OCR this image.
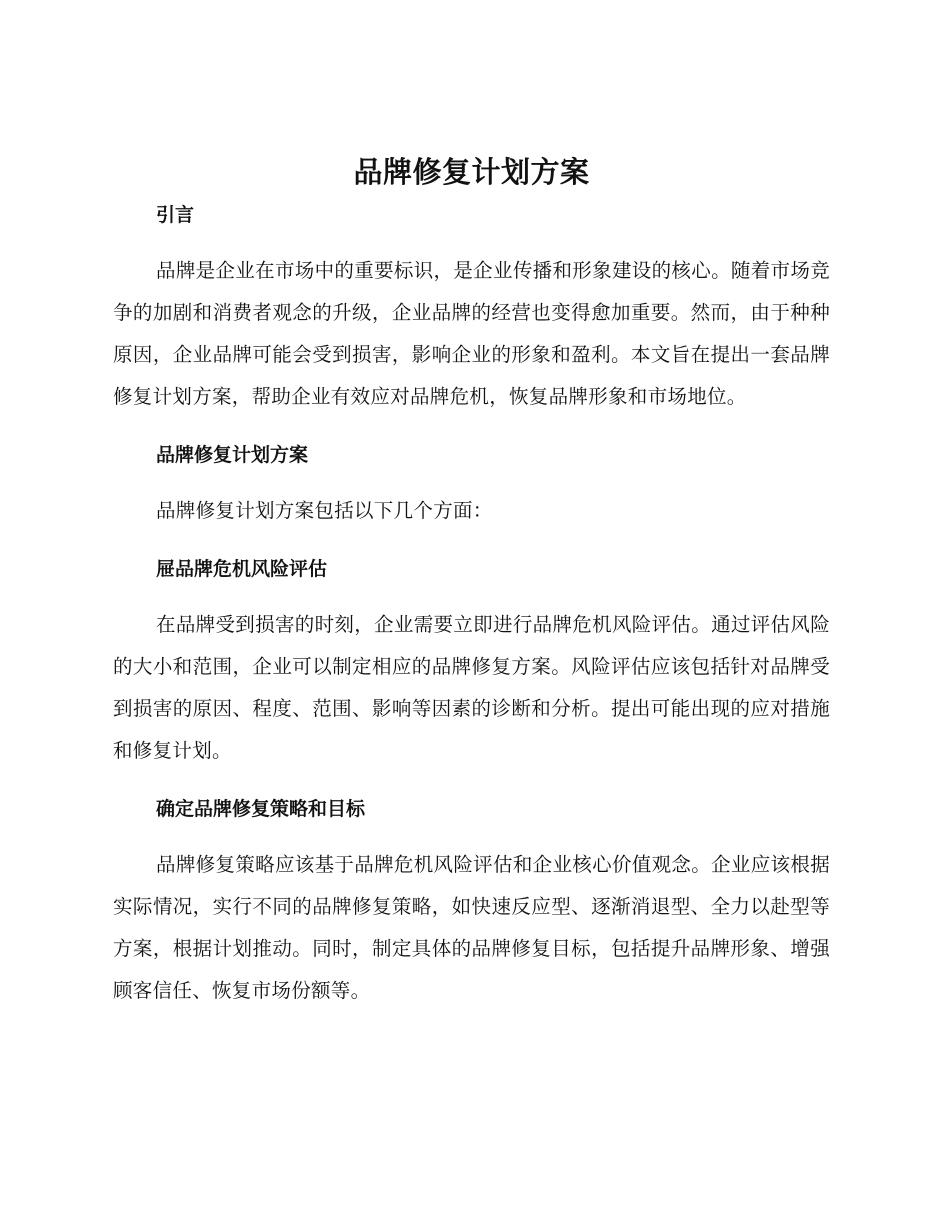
品牌修复计划方案
引言

品牌是企业在市场中的重要标识，是企业传播和形象建设的核心。随着市场竞争的加剧和消费者观念的升级，企业品牌的经营也变得愈加重要。然而，由于种种原因，企业品牌可能会受到损害，影响企业的形象和盈利。本文旨在提出一套品牌修复计划方案，帮助企业有效应对品牌危机，恢复品牌形象和市场地位。

品牌修复计划方案

品牌修复计划方案包括以下几个方面：

屉品牌危机风险评估

在品牌受到损害的时刻，企业需要立即进行品牌危机风险评估。通过评估风险的大小和范围，企业可以制定相应的品牌修复方案。风险评估应该包括针对品牌受到损害的原因、程度、范围、影响等因素的诊断和分析。提出可能出现的应对措施和修复计划。

确定品牌修复策略和目标

品牌修复策略应该基于品牌危机风险评估和企业核心价值观念。企业应该根据实际情况，实行不同的品牌修复策略，如快速反应型、逐渐消退型、全力以赴型等方案，根据计划推动。同时，制定具体的品牌修复目标，包括提升品牌形象、增强顾客信任、恢复市场份额等。
